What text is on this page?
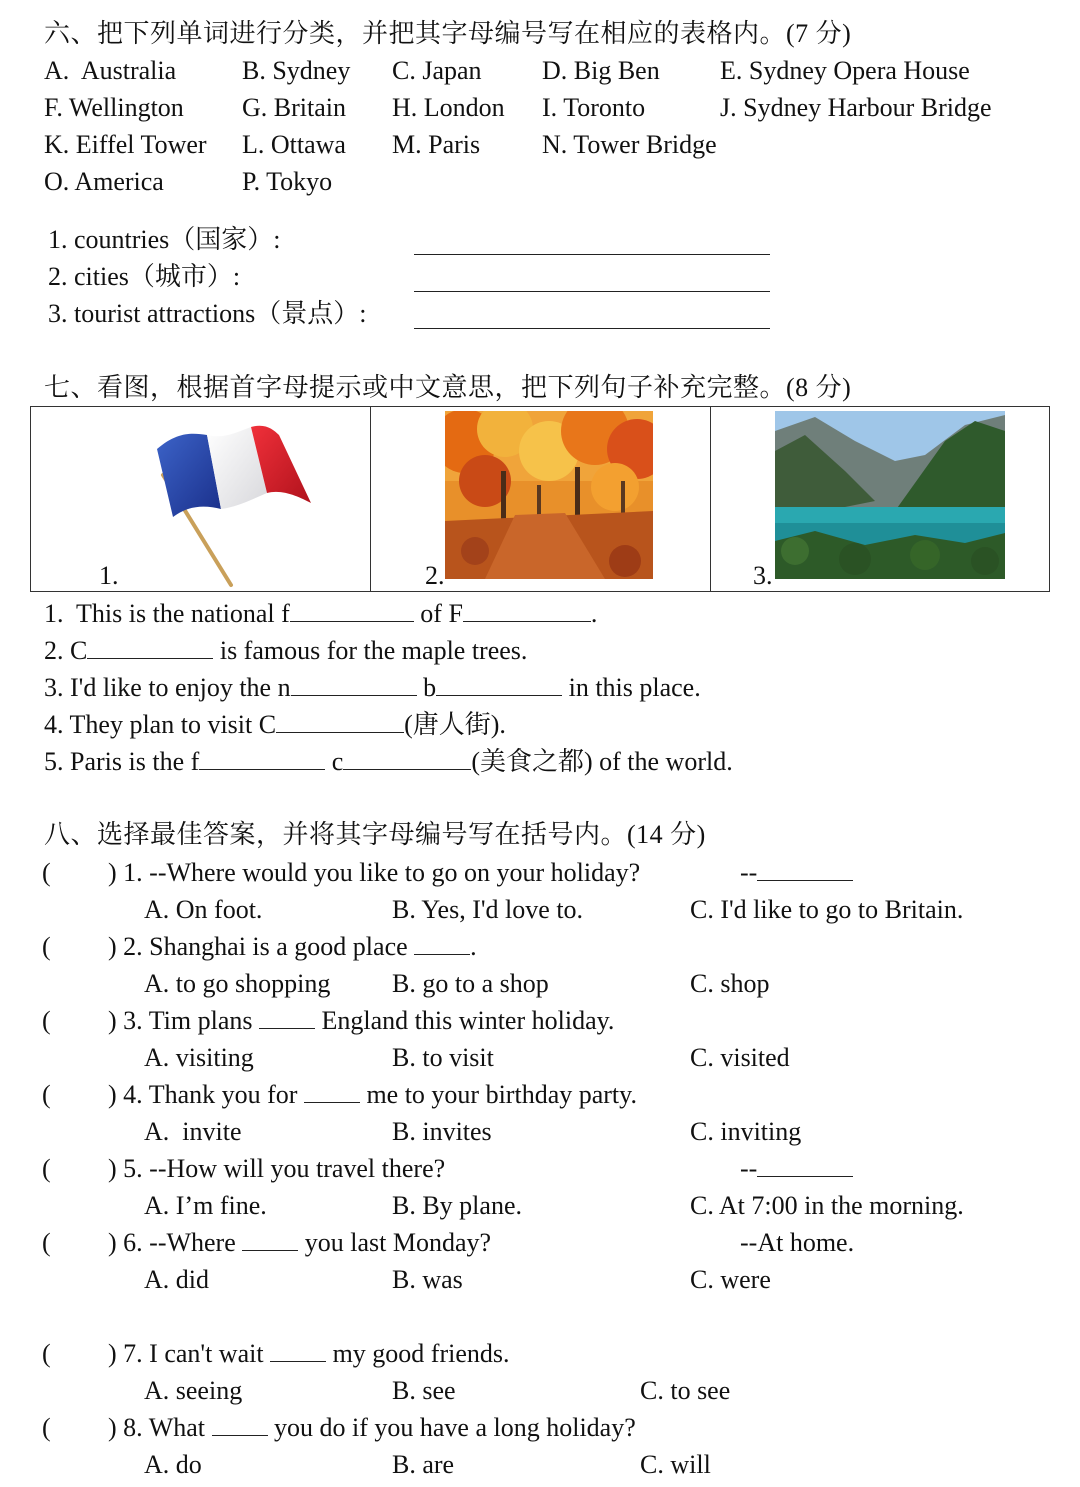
六、把下列单词进行分类，并把其字母编号写在相应的表格内。(7 分)
A.  Australia	B. Sydney C. Japan D. Big Ben E. Sydney Opera House
F. Wellington G. Britain H. London I. Toronto	J. Sydney Harbour Bridge
K. Eiffel Tower L. Ottawa M. Paris N. Tower Bridge
O. America	P. Tokyo
1. countries（国家）:
2. cities（城市）:
3. tourist attractions（景点）:
七、看图，根据首字母提示或中文意思，把下列句子补充完整。(8 分)
1.	2.	3.
1.  This is the national f	of F	.
2. C	is famous for the maple trees.
3. I'd like to enjoy the n	b	in this place.
4. They plan to visit C	(唐人街).
5. Paris is the f	c	(美食之都) of the world.
八、选择最佳答案，并将其字母编号写在括号内。(14 分)
( ) 1. --Where would you like to go on your holiday?	--
A. On foot.	B. Yes, I'd love to.	C. I'd like to go to Britain.
( ) 2. Shanghai is a good place .
A. to go shopping B. go to a shop	C. shop
( ) 3. Tim plans  England this winter holiday.
A. visiting	B. to visit	C. visited
( ) 4. Thank you for  me to your birthday party.
A.  invite	B. invites	C. inviting
( ) 5. --How will you travel there?	--
A. I’m fine.	B. By plane.	C. At 7:00 in the morning.
( ) 6. --Where  you last Monday?	--At home.
A. did	B. was	C. were
( ) 7. I can't wait  my good friends.
A. seeing	B. see	C. to see
( ) 8. What  you do if you have a long holiday?
A. do	B. are	C. will
